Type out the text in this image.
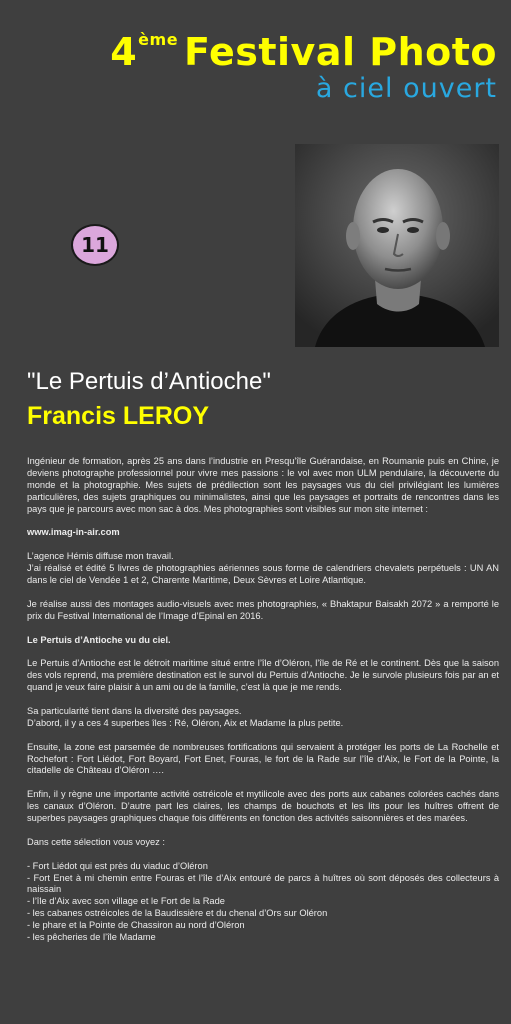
4ème Festival Photo
à ciel ouvert
11
"Le Pertuis d’Antioche"
Francis LEROY

Ingénieur de formation, après 25 ans dans l’industrie en Presqu’île Guérandaise, en Roumanie puis en Chine, je deviens photographe professionnel pour vivre mes passions : le vol avec mon ULM pendulaire, la découverte du monde et la photographie. Mes sujets de prédilection sont les paysages vus du ciel privilégiant les lumières particulières, des sujets graphiques ou minimalistes, ainsi que les paysages et portraits de rencontres dans les pays que je parcours avec mon sac à dos. Mes photographies sont visibles sur mon site internet :

www.imag-in-air.com

L’agence Hémis diffuse mon travail.
J’ai réalisé et édité 5 livres de photographies aériennes sous forme de calendriers chevalets perpétuels : UN AN dans le ciel de Vendée 1 et 2, Charente Maritime, Deux Sèvres et Loire Atlantique.

Je réalise aussi des montages audio-visuels avec mes photographies, « Bhaktapur Baisakh 2072 » a remporté le prix du Festival International de l’Image d’Epinal en 2016.

Le Pertuis d’Antioche vu du ciel.

Le Pertuis d’Antioche est le détroit maritime situé entre l’île d’Oléron, l’île de Ré et le continent. Dès que la saison des vols reprend, ma première destination est le survol du Pertuis d’Antioche. Je le survole plusieurs fois par an et quand je veux faire plaisir à un ami ou de la famille, c’est là que je me rends.

Sa particularité tient dans la diversité des paysages.
D’abord, il y a ces 4 superbes îles : Ré, Oléron, Aix et Madame la plus petite.

Ensuite, la zone est parsemée de nombreuses fortifications qui servaient à protéger les ports de La Rochelle et Rochefort : Fort Liédot, Fort Boyard, Fort Enet, Fouras, le fort de la Rade sur l’île d’Aix, le Fort de la Pointe, la citadelle de Château d’Oléron ….

Enfin, il y règne une importante activité ostréicole et mytilicole avec des ports aux cabanes colorées cachés dans les canaux d’Oléron. D’autre part les claires, les champs de bouchots et les lits pour les huîtres offrent de superbes paysages graphiques chaque fois différents en fonction des activités saisonnières et des marées.

Dans cette sélection vous voyez :

- Fort Liédot qui est près du viaduc d’Oléron
- Fort Enet à mi chemin entre Fouras et l’île d’Aix entouré de parcs à huîtres où sont déposés des collecteurs à naissain
- l’île d’Aix avec son village et le Fort de la Rade
- les cabanes ostréicoles de la Baudissière et du chenal d’Ors sur Oléron
- le phare et la Pointe de Chassiron au nord d’Oléron
- les pêcheries de l’île Madame
